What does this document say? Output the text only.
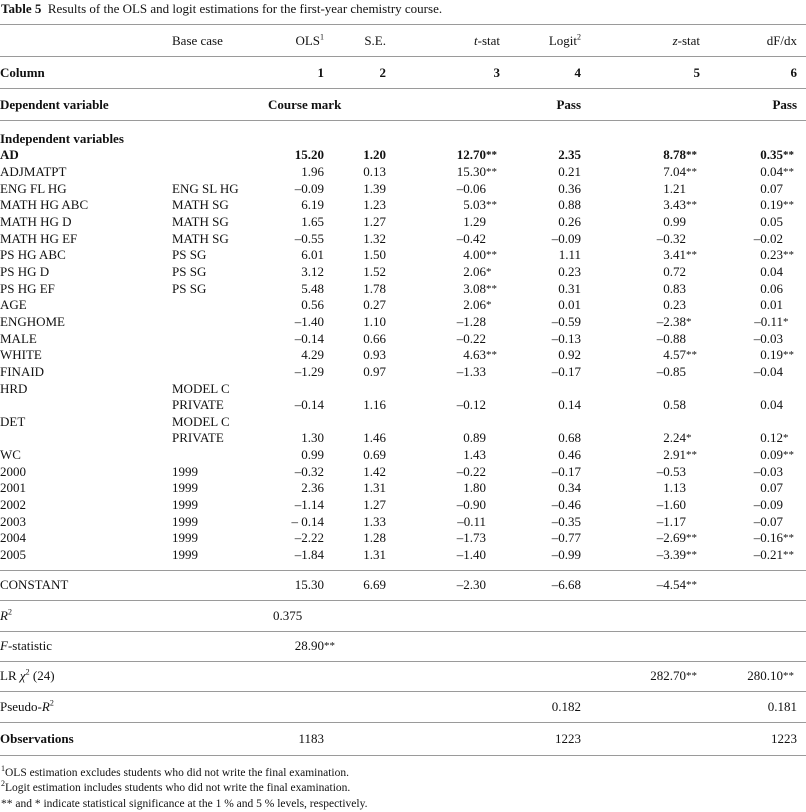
Table 5 Results of the OLS and logit estimations for the first-year chemistry course.
	Base case	OLS$^1$	S.E.	t-stat		Logit$^2$	z-stat		dF/dx		
Column		1	2	3		4	5		6		
Dependent variable		Course mark				Pass			Pass		
Independent variables											
AD		15.20	1.20	12.70	**	2.35	8.78	**	0.35	**	
ADJMATPT		1.96	0.13	15.30	**	0.21	7.04	**	0.04	**	
ENG FL HG	ENG SL HG	–0.09	1.39	–0.06		0.36	1.21		0.07		
MATH HG ABC	MATH SG	6.19	1.23	5.03	**	0.88	3.43	**	0.19	**	
MATH HG D	MATH SG	1.65	1.27	1.29		0.26	0.99		0.05		
MATH HG EF	MATH SG	–0.55	1.32	–0.42		–0.09	–0.32		–0.02		
PS HG ABC	PS SG	6.01	1.50	4.00	**	1.11	3.41	**	0.23	**	
PS HG D	PS SG	3.12	1.52	2.06	*	0.23	0.72		0.04		
PS HG EF	PS SG	5.48	1.78	3.08	**	0.31	0.83		0.06		
AGE		0.56	0.27	2.06	*	0.01	0.23		0.01		
ENGHOME		–1.40	1.10	–1.28		–0.59	–2.38	*	–0.11	*	
MALE		–0.14	0.66	–0.22		–0.13	–0.88		–0.03		
WHITE		4.29	0.93	4.63	**	0.92	4.57	**	0.19	**	
FINAID		–1.29	0.97	–1.33		–0.17	–0.85		–0.04		
HRD	MODEL C										
	PRIVATE	–0.14	1.16	–0.12		0.14	0.58		0.04		
DET	MODEL C										
	PRIVATE	1.30	1.46	0.89		0.68	2.24	*	0.12	*	
WC		0.99	0.69	1.43		0.46	2.91	**	0.09	**	
2000	1999	–0.32	1.42	–0.22		–0.17	–0.53		–0.03		
2001	1999	2.36	1.31	1.80		0.34	1.13		0.07		
2002	1999	–1.14	1.27	–0.90		–0.46	–1.60		–0.09		
2003	1999	– 0.14	1.33	–0.11		–0.35	–1.17		–0.07		
2004	1999	–2.22	1.28	–1.73		–0.77	–2.69	**	–0.16	**	
2005	1999	–1.84	1.31	–1.40		–0.99	–3.39	**	–0.21	**	
CONSTANT		15.30	6.69	–2.30		–6.68	–4.54	**			
$R^2$		0.375									
F-statistic		28.90	**								
LR $\chi^2$ (24)							282.70	**	280.10	**	
Pseudo-$R^2$						0.182			0.181		
Observations		1183				1223			1223		

$^1$OLS estimation excludes students who did not write the final examination.
$^2$Logit estimation includes students who did not write the final examination.
** and * indicate statistical significance at the 1 % and 5 % levels, respectively.
